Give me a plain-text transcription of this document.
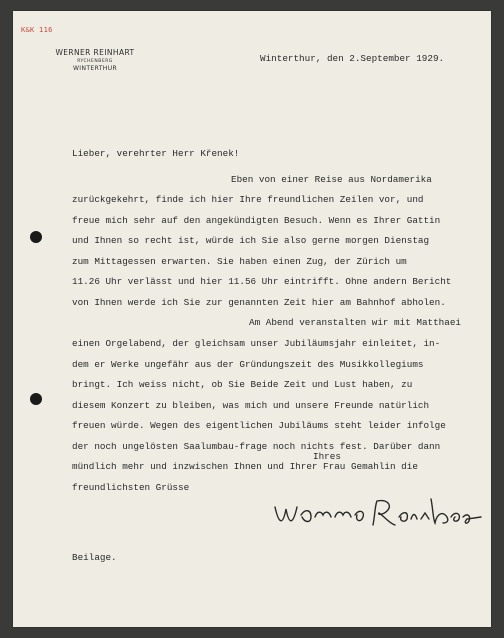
K&K 116
WERNER REINHART
RYCHENBERG
WINTERTHUR
Winterthur, den 2.September 1929.
Lieber, verehrter Herr Křenek!
Eben von einer Reise aus Nordamerika
zurückgekehrt, finde ich hier Ihre freundlichen Zeilen vor, und
freue mich sehr auf den angekündigten Besuch. Wenn es Ihrer Gattin
und Ihnen so recht ist, würde ich Sie also gerne morgen Dienstag
zum Mittagessen erwarten. Sie haben einen Zug, der Zürich um
11.26 Uhr verlässt und hier 11.56 Uhr eintrifft. Ohne andern Bericht
von Ihnen werde ich Sie zur genannten Zeit hier am Bahnhof abholen.
Am Abend veranstalten wir mit Matthaei
einen Orgelabend, der gleichsam unser Jubiläumsjahr einleitet, in-
dem er Werke ungefähr aus der Gründungszeit des Musikkollegiums
bringt. Ich weiss nicht, ob Sie Beide Zeit und Lust haben, zu
diesem Konzert zu bleiben, was mich und unsere Freunde natürlich
freuen würde. Wegen des eigentlichen Jubiläums steht leider infolge
der noch ungelösten Saalumbau-frage noch nichts fest. Darüber dann
mündlich mehr und inzwischen Ihnen und Ihrer Frau Gemahlin die
freundlichsten Grüsse
Ihres
Beilage.
